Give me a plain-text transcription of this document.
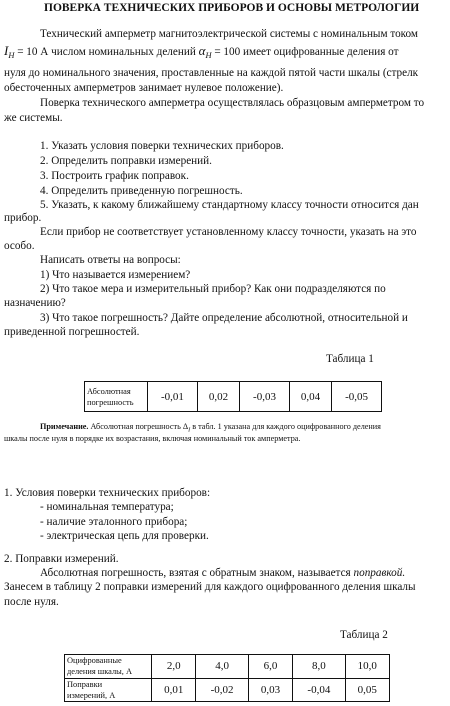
ПОВЕРКА ТЕХНИЧЕСКИХ ПРИБОРОВ И ОСНОВЫ МЕТРОЛОГИИ
Технический амперметр магнитоэлектрической системы с номинальным током
$I_H = 10$ А числом номинальных делений $\alpha_H = 100$ имеет оцифрованные деления от
нуля до номинального значения, проставленные на каждой пятой части шкалы (стрелк
обесточенных амперметров занимает нулевое положение).
Поверка технического амперметра осуществлялась образцовым амперметром то
же системы.
1. Указать условия поверки технических приборов.
2. Определить поправки измерений.
3. Построить график поправок.
4. Определить приведенную погрешность.
5. Указать, к какому ближайшему стандартному классу точности относится дан
прибор.
Если прибор не соответствует установленному классу точности, указать на это
особо.
Написать ответы на вопросы:
1) Что называется измерением?
2) Что такое мера и измерительный прибор? Как они подразделяются по
назначению?
3) Что такое погрешность? Дайте определение абсолютной, относительной и
приведенной погрешностей.
Таблица 1
Абсолютная
погрешность	-0,01	0,02	-0,03	0,04	-0,05
Примечание. Абсолютная погрешность $\Delta_I$ в табл. 1 указана для каждого оцифрованного деления
шкалы после нуля в порядке их возрастания, включая номинальный ток амперметра.
1. Условия поверки технических приборов:
- номинальная температура;
- наличие эталонного прибора;
- электрическая цепь для проверки.
2. Поправки измерений.
Абсолютная погрешность, взятая с обратным знаком, называется поправкой.
Занесем в таблицу 2 поправки измерений для каждого оцифрованного деления шкалы
после нуля.
Таблица 2
Оцифрованные
деления шкалы, А	2,0	4,0	6,0	8,0	10,0
Поправки
измерений, А	0,01	-0,02	0,03	-0,04	0,05
